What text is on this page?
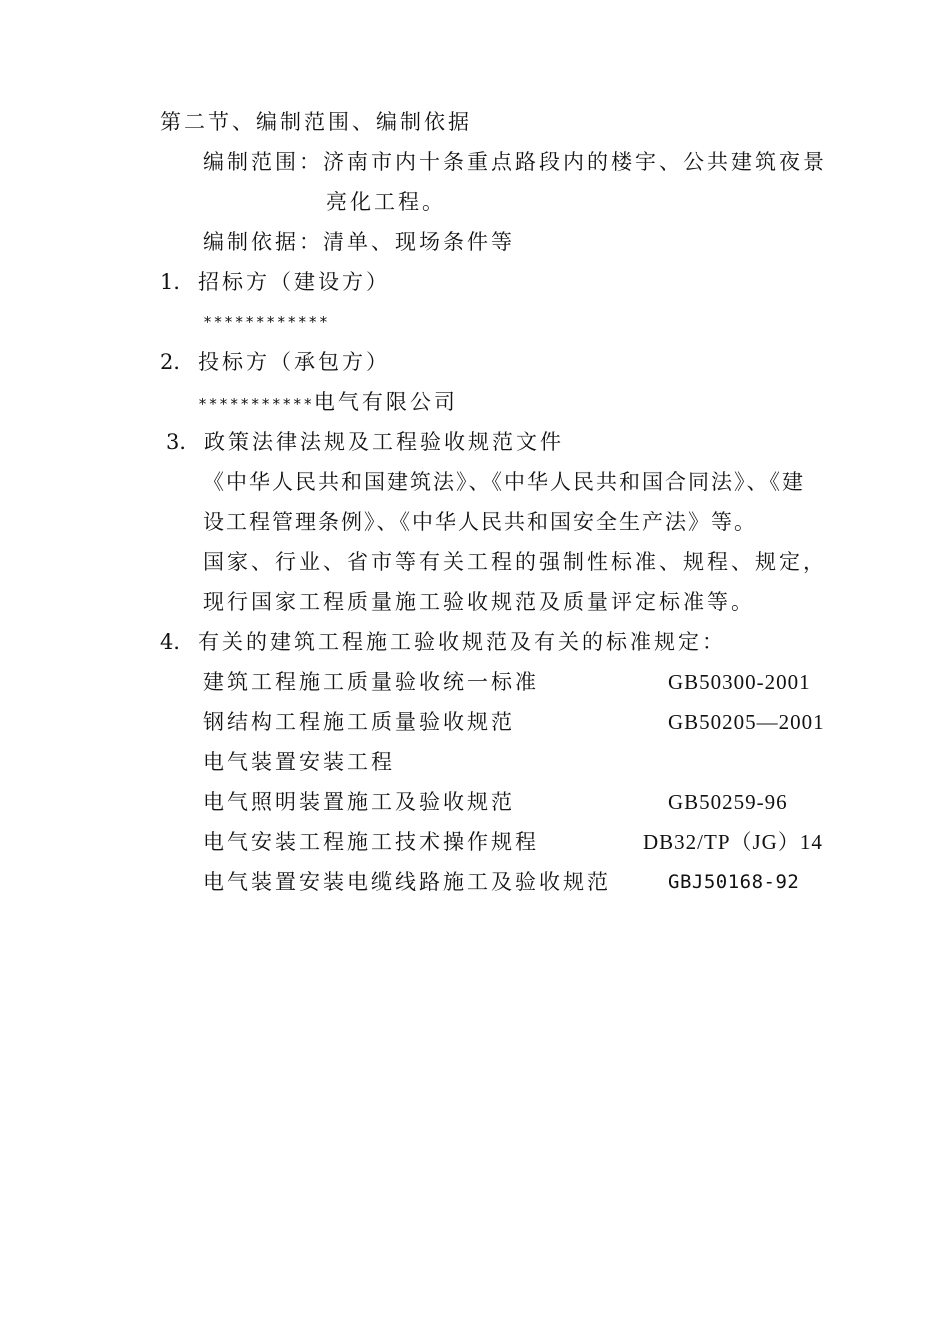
第二节、编制范围、编制依据
编制范围：济南市内十条重点路段内的楼宇、公共建筑夜景
亮化工程。
编制依据：清单、现场条件等
1． 招标方（建设方）
************
2． 投标方（承包方）
***********电气有限公司
3． 政策法律法规及工程验收规范文件
《中华人民共和国建筑法》、《中华人民共和国合同法》、《建
设工程管理条例》、《中华人民共和国安全生产法》等。
国家、行业、省市等有关工程的强制性标准、规程、规定，
现行国家工程质量施工验收规范及质量评定标准等。
4． 有关的建筑工程施工验收规范及有关的标准规定：
建筑工程施工质量验收统一标准	GB50300-2001
钢结构工程施工质量验收规范	GB50205—2001
电气装置安装工程
电气照明装置施工及验收规范	GB50259-96
电气安装工程施工技术操作规程	DB32/TP（JG）14
电气装置安装电缆线路施工及验收规范	GBJ50168-92
